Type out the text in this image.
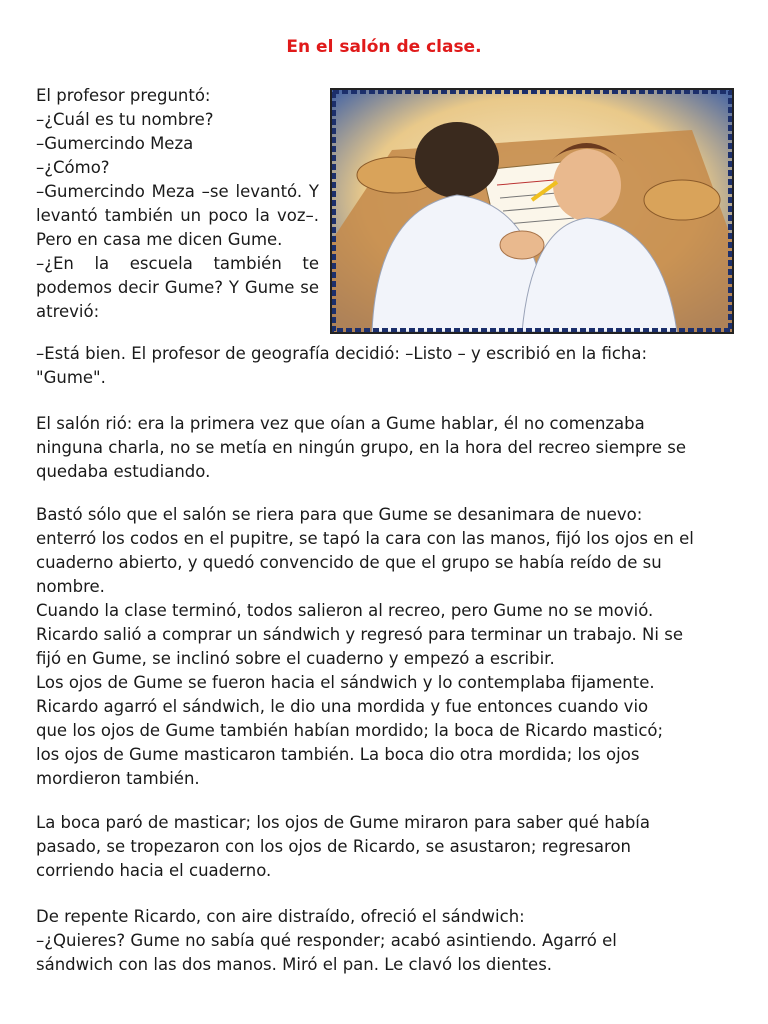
En el salón de clase.
El profesor preguntó:
–¿Cuál es tu nombre?
–Gumercindo Meza
–¿Cómo?
–Gumercindo Meza –se levantó. Y levantó también un poco la voz–. Pero en casa me dicen Gume.
–¿En la escuela también te podemos decir Gume? Y Gume se atrevió:
–Está bien. El profesor de geografía decidió: –Listo – y escribió en la ficha:
"Gume".
El salón rió: era la primera vez que oían a Gume hablar, él no comenzaba
ninguna charla, no se metía en ningún grupo, en la hora del recreo siempre se
quedaba estudiando.
Bastó sólo que el salón se riera para que Gume se desanimara de nuevo:
enterró los codos en el pupitre, se tapó la cara con las manos, fijó los ojos en el
cuaderno abierto, y quedó convencido de que el grupo se había reído de su
nombre.
Cuando la clase terminó, todos salieron al recreo, pero Gume no se movió.
Ricardo salió a comprar un sándwich y regresó para terminar un trabajo. Ni se
fijó en Gume, se inclinó sobre el cuaderno y empezó a escribir.
Los ojos de Gume se fueron hacia el sándwich y lo contemplaba fijamente.
Ricardo agarró el sándwich, le dio una mordida y fue entonces cuando vio
que los ojos de Gume también habían mordido; la boca de Ricardo masticó;
los ojos de Gume masticaron también. La boca dio otra mordida; los ojos
mordieron también.
La boca paró de masticar; los ojos de Gume miraron para saber qué había
pasado, se tropezaron con los ojos de Ricardo, se asustaron; regresaron
corriendo hacia el cuaderno.
De repente Ricardo, con aire distraído, ofreció el sándwich:
–¿Quieres? Gume no sabía qué responder; acabó asintiendo. Agarró el
sándwich con las dos manos. Miró el pan. Le clavó los dientes.
